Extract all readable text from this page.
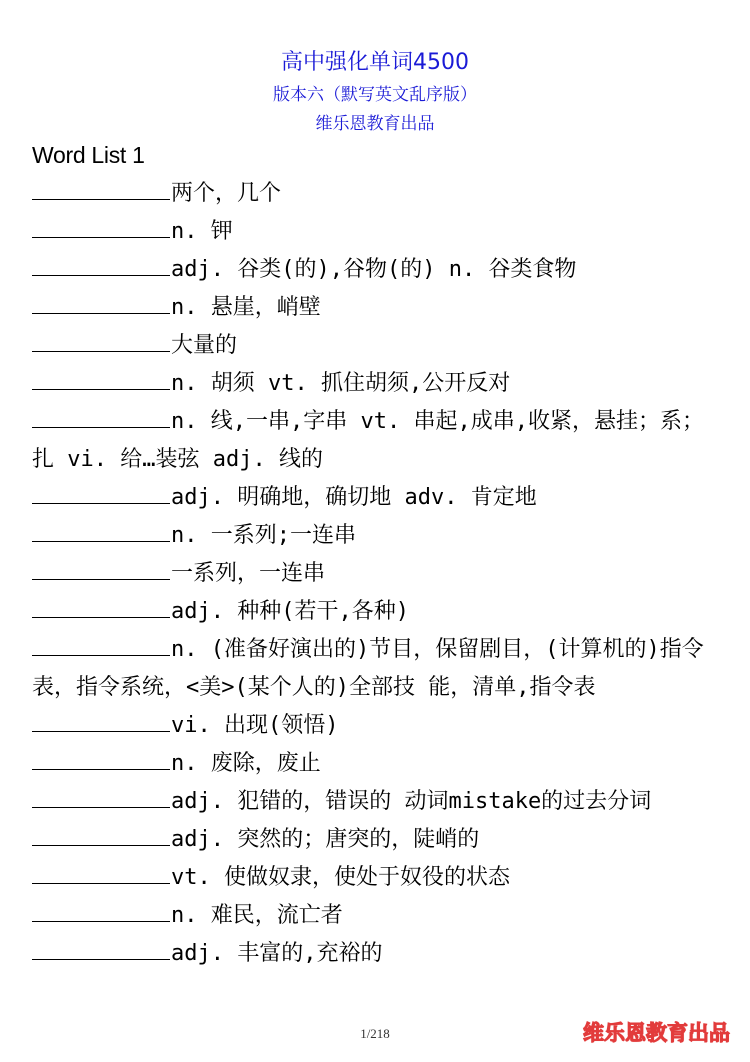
高中强化单词4500
版本六（默写英文乱序版）
维乐恩教育出品
Word List 1
两个，几个
n. 钾
adj. 谷类(的),谷物(的) n. 谷类食物
n. 悬崖，峭壁
大量的
n. 胡须 vt. 抓住胡须,公开反对
n. 线,一串,字串 vt. 串起,成串,收紧，悬挂；系；扎 vi. 给…装弦 adj. 线的
adj. 明确地，确切地 adv. 肯定地
n. 一系列;一连串
一系列，一连串
adj. 种种(若干,各种)
n. (准备好演出的)节目，保留剧目，(计算机的)指令表，指令系统，<美>(某个人的)全部技 能，清单,指令表
vi. 出现(领悟)
n. 废除，废止
adj. 犯错的，错误的 动词mistake的过去分词
adj. 突然的；唐突的，陡峭的
vt. 使做奴隶，使处于奴役的状态
n. 难民，流亡者
adj. 丰富的,充裕的
1/218	维乐恩教育出品
